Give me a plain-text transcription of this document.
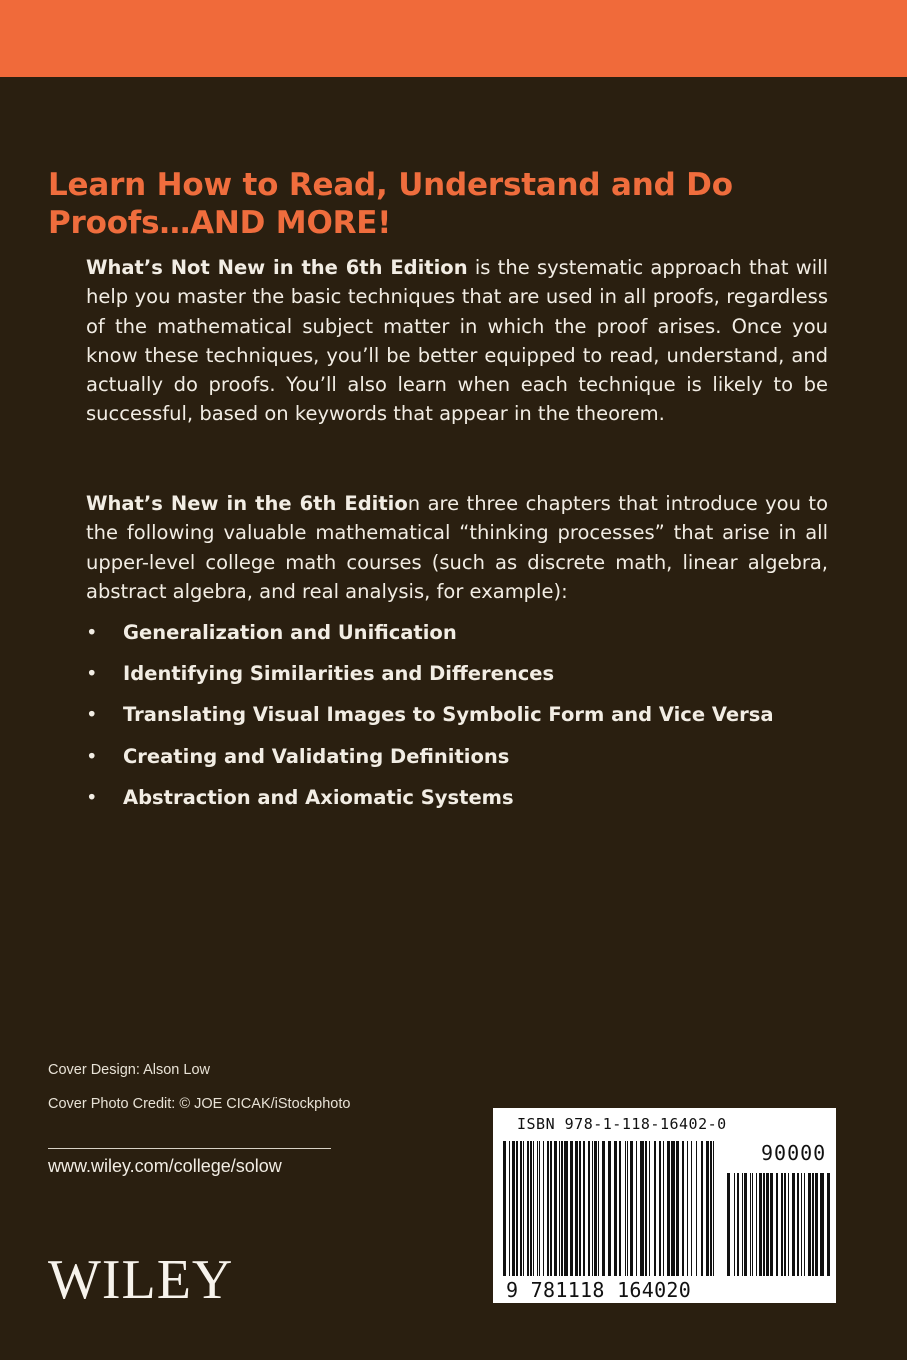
Learn How to Read, Understand and Do
Proofs…AND MORE!

What’s Not New in the 6th Edition is the systematic approach that will help you master the basic techniques that are used in all proofs, regardless of the mathematical subject matter in which the proof arises. Once you know these techniques, you’ll be better equipped to read, understand, and actually do proofs. You’ll also learn when each technique is likely to be successful, based on keywords that appear in the theorem.

What’s New in the 6th Edition are three chapters that introduce you to the following valuable mathematical “thinking processes” that arise in all upper-level college math courses (such as discrete math, linear algebra, abstract algebra, and real analysis, for example):

• Generalization and Unification
• Identifying Similarities and Differences
• Translating Visual Images to Symbolic Form and Vice Versa
• Creating and Validating Definitions
• Abstraction and Axiomatic Systems
Cover Design: Alson Low
Cover Photo Credit: © JOE CICAK/iStockphoto
www.wiley.com/college/solow
WILEY
ISBN 978-1-118-16402-0
90000
9 781118 164020
